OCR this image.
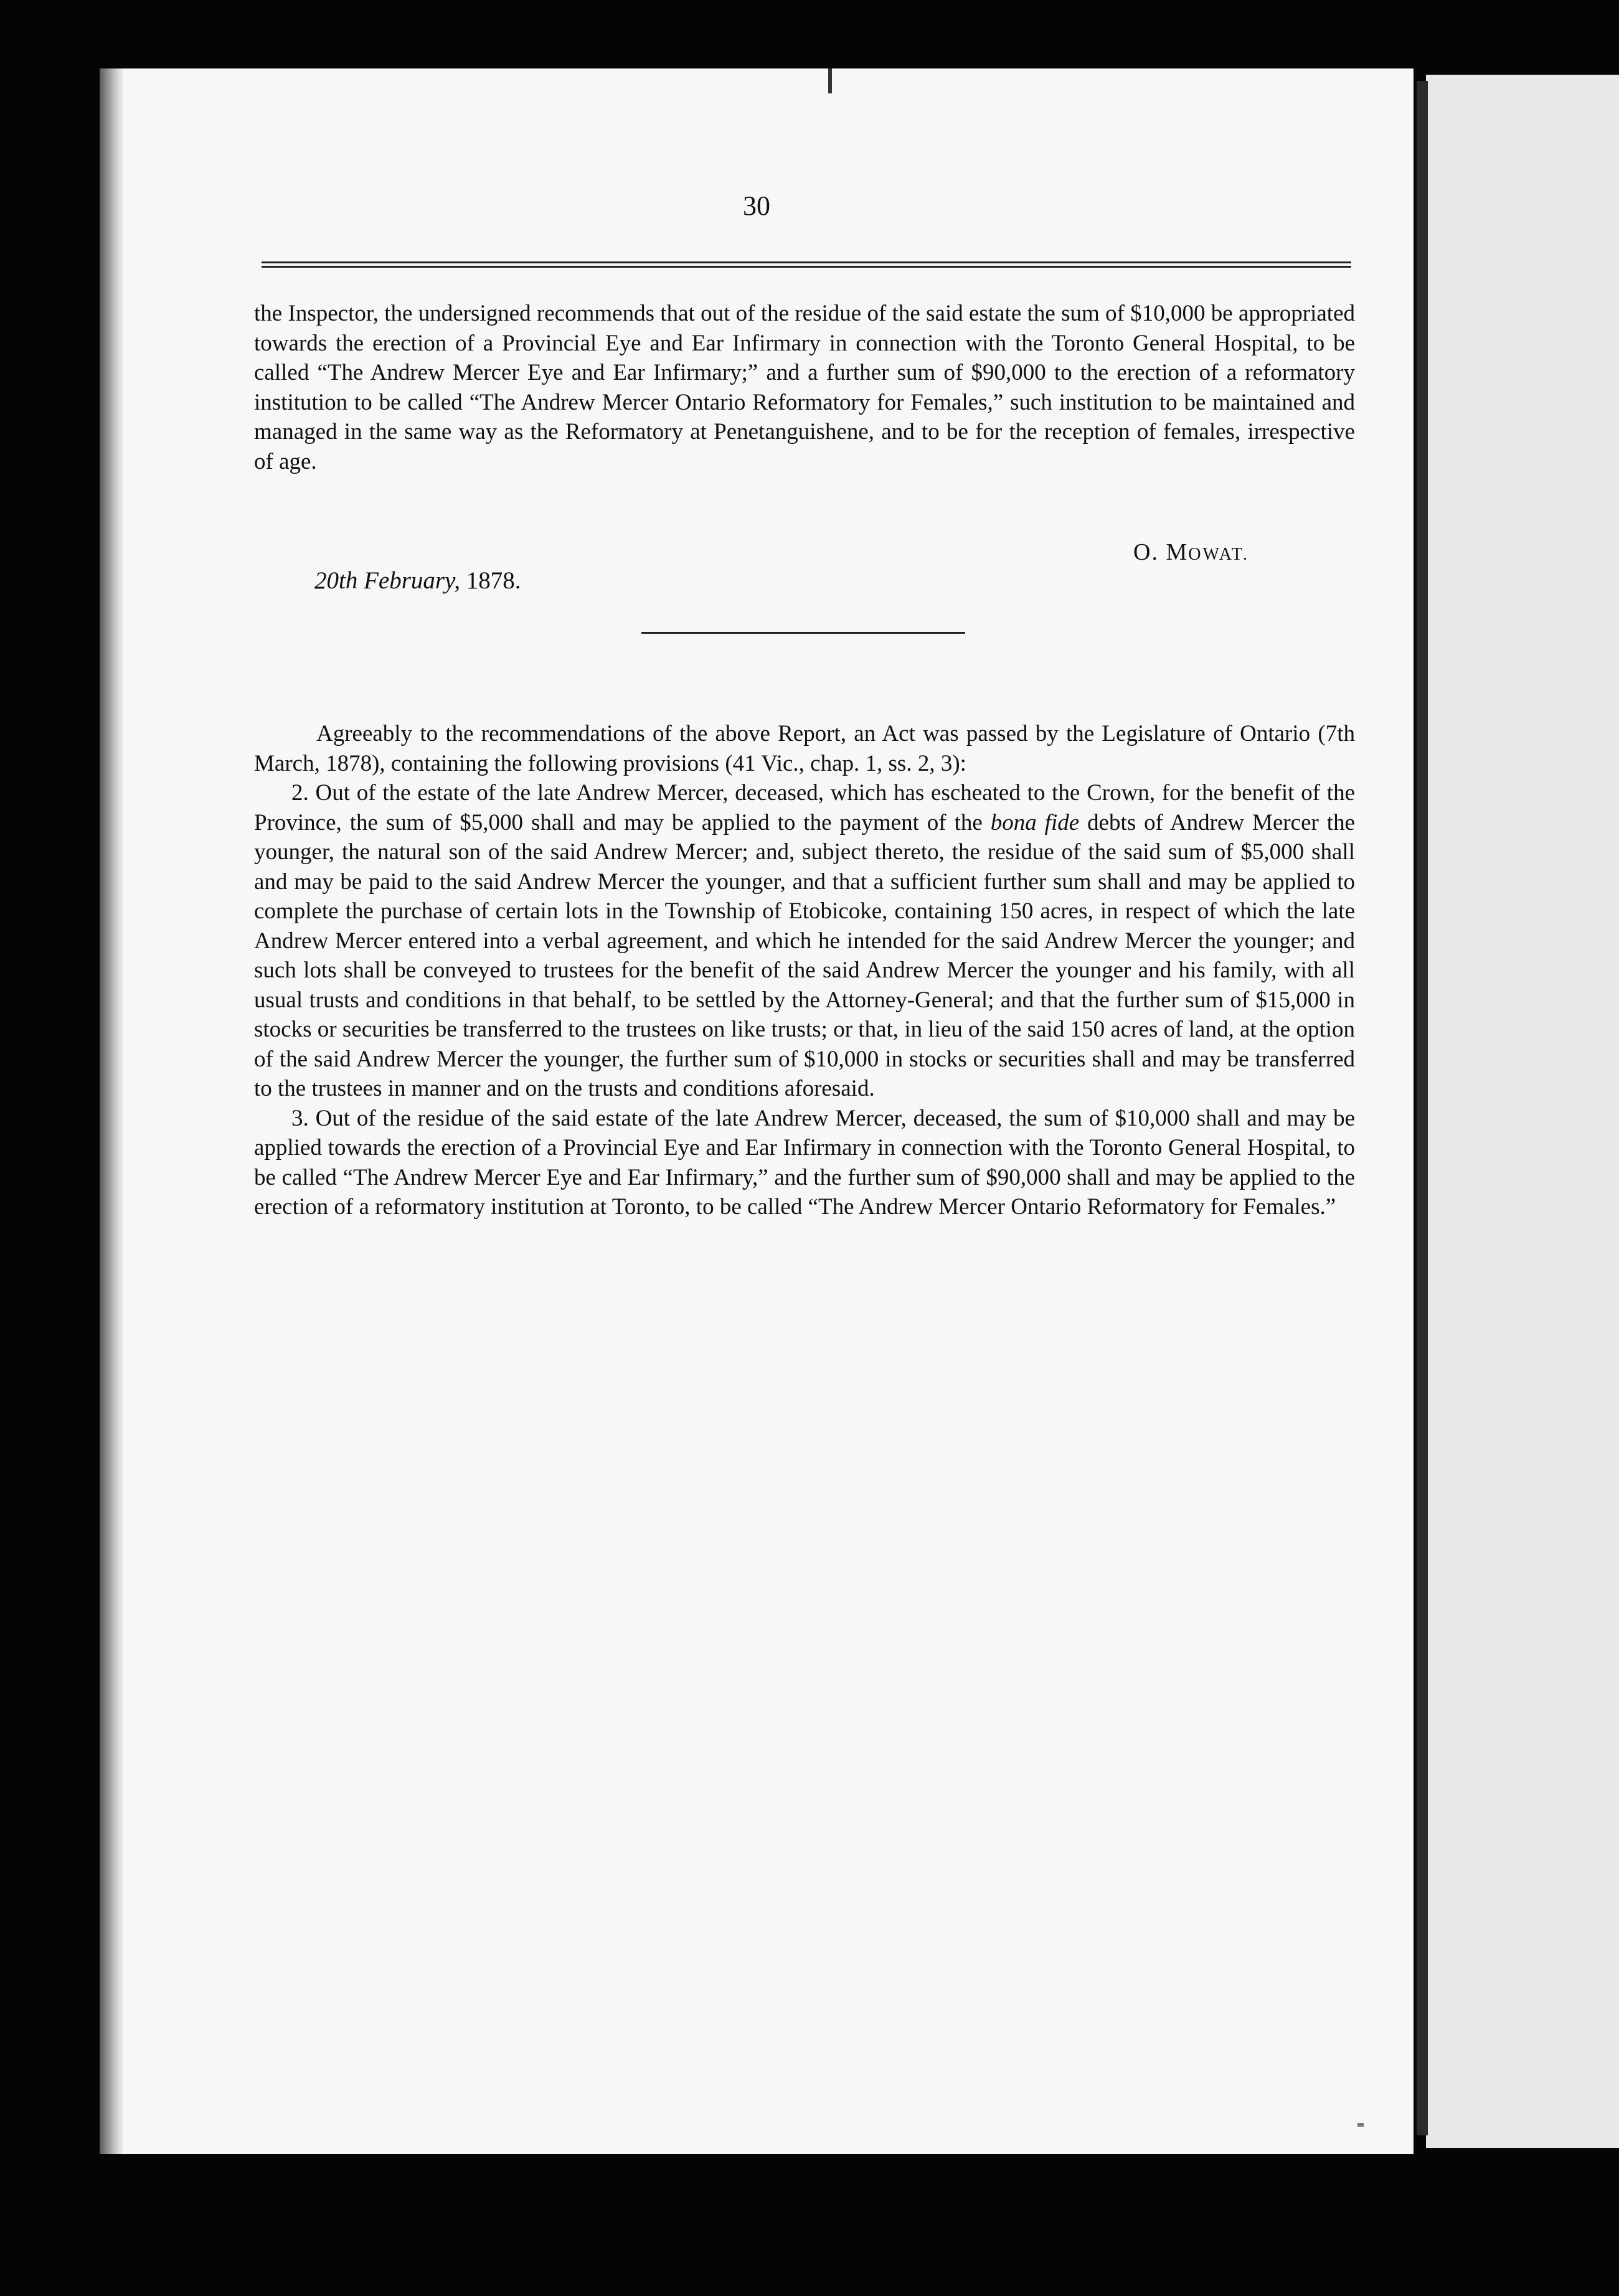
30

the Inspector, the undersigned recommends that out of the residue of the said estate the sum of $10,000 be appropriated towards the erection of a Provincial Eye and Ear Infirmary in connection with the Toronto General Hospital, to be called “The Andrew Mercer Eye and Ear Infirmary;” and a further sum of $90,000 to the erection of a reformatory institution to be called “The Andrew Mercer Ontario Reformatory for Females,” such institution to be maintained and managed in the same way as the Reformatory at Penetanguishene, and to be for the reception of females, irrespective of age.

O. MOWAT.
20th February, 1878.

Agreeably to the recommendations of the above Report, an Act was passed by the Legislature of Ontario (7th March, 1878), containing the following provisions (41 Vic., chap. 1, ss. 2, 3):

2. Out of the estate of the late Andrew Mercer, deceased, which has escheated to the Crown, for the benefit of the Province, the sum of $5,000 shall and may be applied to the payment of the bona fide debts of Andrew Mercer the younger, the natural son of the said Andrew Mercer; and, subject thereto, the residue of the said sum of $5,000 shall and may be paid to the said Andrew Mercer the younger, and that a sufficient further sum shall and may be applied to complete the purchase of certain lots in the Township of Etobicoke, containing 150 acres, in respect of which the late Andrew Mercer entered into a verbal agreement, and which he intended for the said Andrew Mercer the younger; and such lots shall be conveyed to trustees for the benefit of the said Andrew Mercer the younger and his family, with all usual trusts and conditions in that behalf, to be settled by the Attorney-General; and that the further sum of $15,000 in stocks or securities be transferred to the trustees on like trusts; or that, in lieu of the said 150 acres of land, at the option of the said Andrew Mercer the younger, the further sum of $10,000 in stocks or securities shall and may be transferred to the trustees in manner and on the trusts and conditions aforesaid.

3. Out of the residue of the said estate of the late Andrew Mercer, deceased, the sum of $10,000 shall and may be applied towards the erection of a Provincial Eye and Ear Infirmary in connection with the Toronto General Hospital, to be called “The Andrew Mercer Eye and Ear Infirmary,” and the further sum of $90,000 shall and may be applied to the erection of a reformatory institution at Toronto, to be called “The Andrew Mercer Ontario Reformatory for Females.”
